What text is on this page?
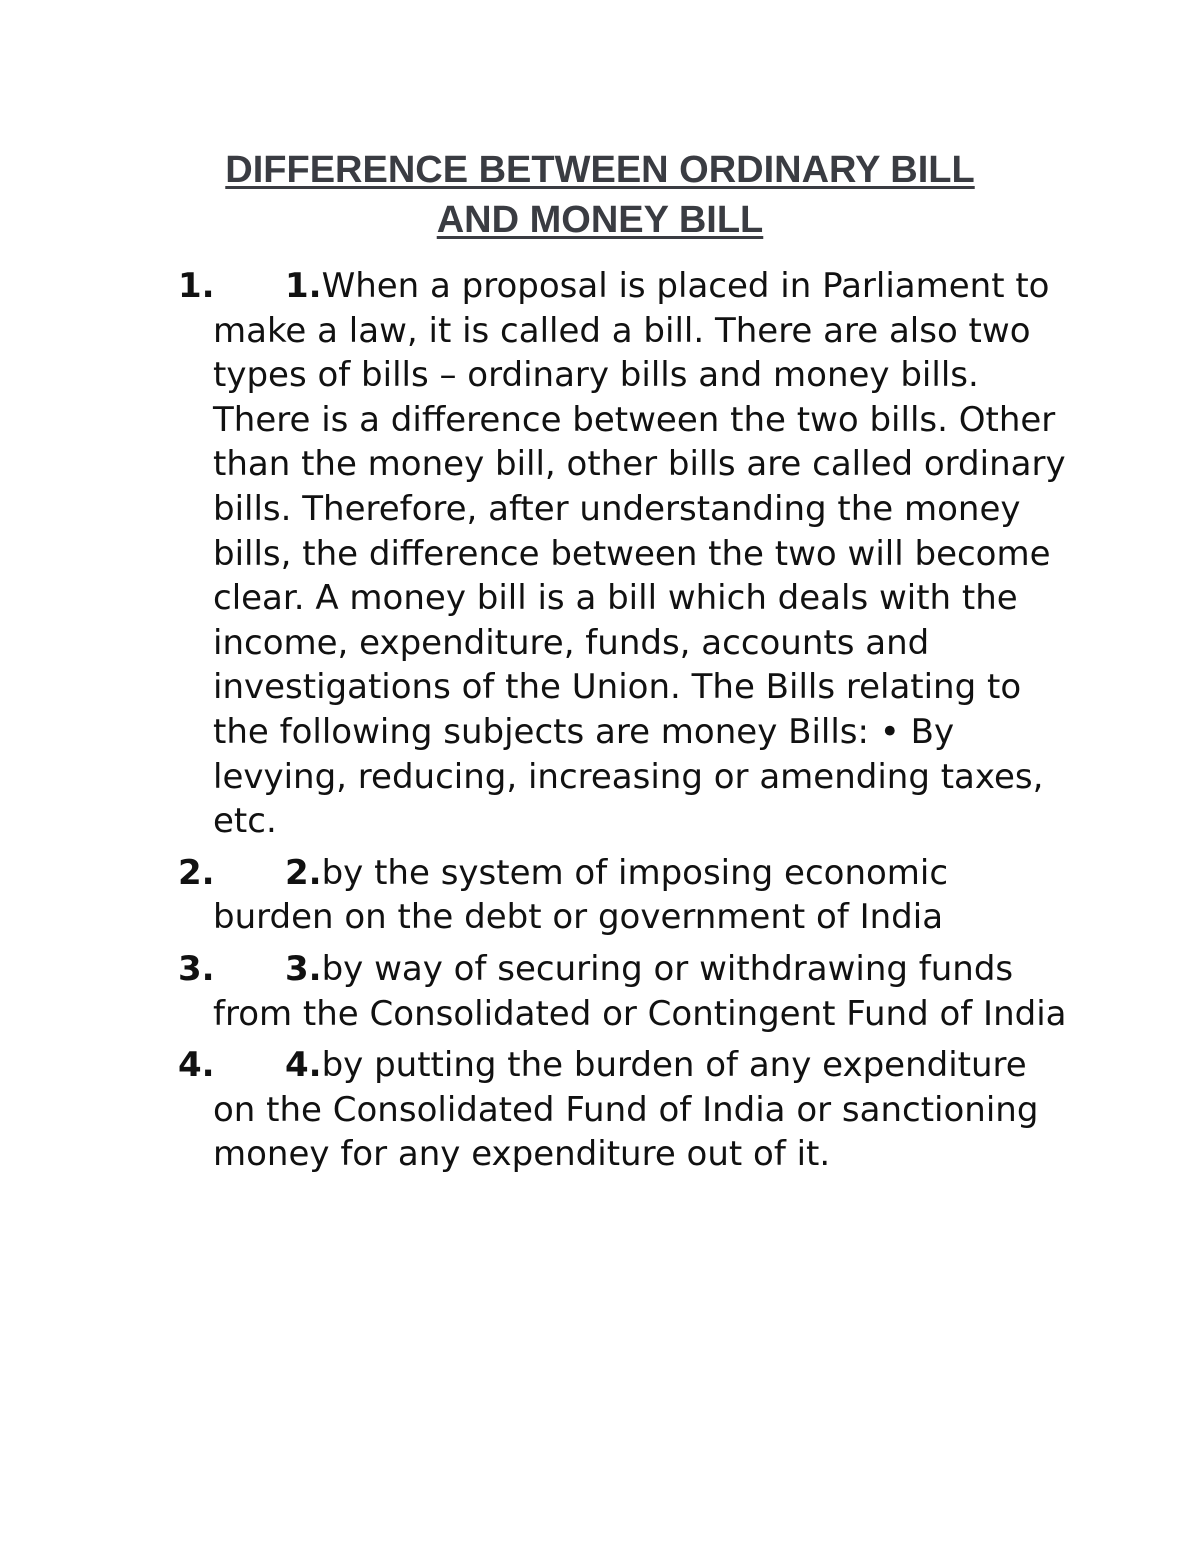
DIFFERENCE BETWEEN ORDINARY BILL
AND MONEY BILL
1. 1.When a proposal is placed in Parliament to make a law, it is called a bill. There are also two types of bills – ordinary bills and money bills. There is a difference between the two bills. Other than the money bill, other bills are called ordinary bills. Therefore, after understanding the money bills, the difference between the two will become clear. A money bill is a bill which deals with the income, expenditure, funds, accounts and investigations of the Union. The Bills relating to the following subjects are money Bills: • By levying, reducing, increasing or amending taxes, etc.
2. 2.by the system of imposing economic burden on the debt or government of India
3. 3.by way of securing or withdrawing funds from the Consolidated or Contingent Fund of India
4. 4.by putting the burden of any expenditure on the Consolidated Fund of India or sanctioning money for any expenditure out of it.
